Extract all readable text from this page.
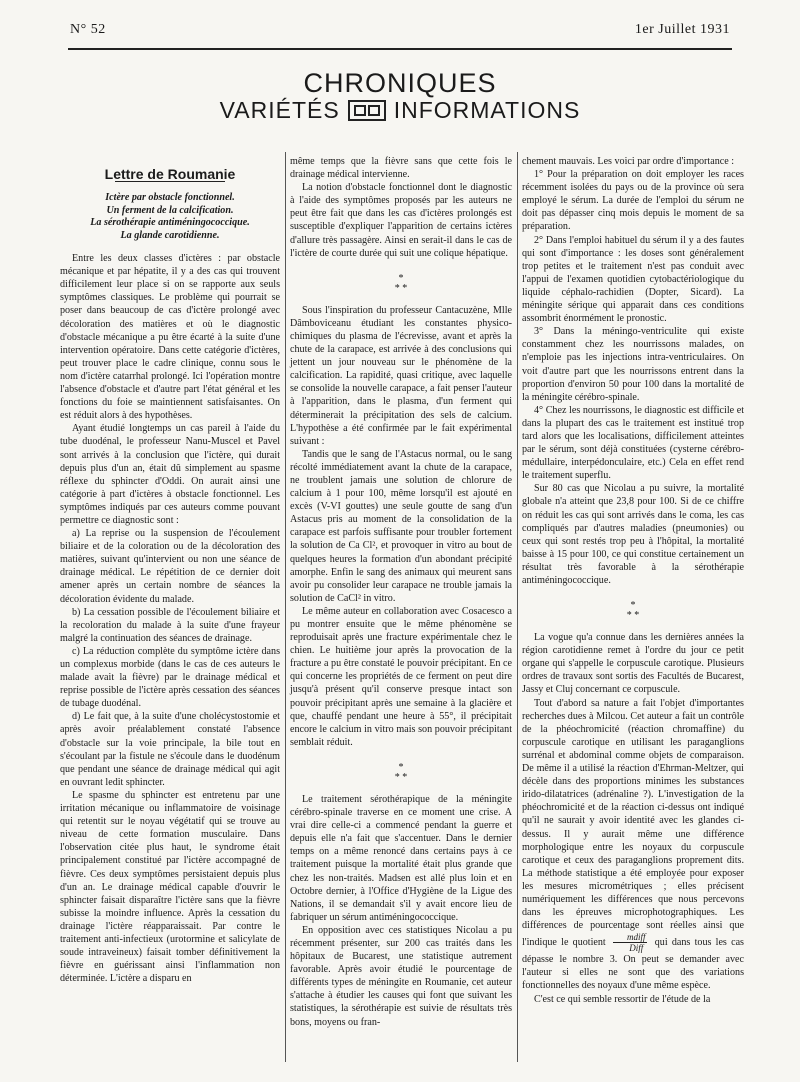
N° 52	1er Juillet 1931
CHRONIQUES
VARIÉTÉS INFORMATIONS

Lettre de Roumanie

Ictère par obstacle fonctionnel.
Un ferment de la calcification.
La sérothérapie antiméningococcique.
La glande carotidienne.

Entre les deux classes d'ictères : par obstacle mécanique et par hépatite, il y a des cas qui trouvent difficilement leur place si on se rapporte aux seuls symptômes classiques. Le problème qui pourrait se poser dans beaucoup de cas d'ictère prolongé avec décoloration des matières et où le diagnostic d'obstacle mécanique a pu être écarté à la suite d'une intervention opératoire. Dans cette catégorie d'ictères, peut trouver place le cadre clinique, connu sous le nom d'ictère catarrhal prolongé. Ici l'opération montre l'absence d'obstacle et d'autre part l'état général et les fonctions du foie se maintiennent satisfaisantes. On est réduit alors à des hypothèses.

Ayant étudié longtemps un cas pareil à l'aide du tube duodénal, le professeur Nanu-Muscel et Pavel sont arrivés à la conclusion que l'ictère, qui durait depuis plus d'un an, était dû simplement au spasme réflexe du sphincter d'Oddi. On aurait ainsi une catégorie à part d'ictères à obstacle fonctionnel. Les symptômes indiqués par ces auteurs comme pouvant permettre ce diagnostic sont :

a) La reprise ou la suspension de l'écoulement biliaire et de la coloration ou de la décoloration des matières, suivant qu'intervient ou non une séance de drainage médical. Le répétition de ce dernier doit amener après un certain nombre de séances la décoloration évidente du malade.

b) La cessation possible de l'écoulement biliaire et la recoloration du malade à la suite d'une frayeur malgré la continuation des séances de drainage.

c) La réduction complète du symptôme ictère dans un complexus morbide (dans le cas de ces auteurs le malade avait la fièvre) par le drainage médical et reprise possible de l'ictère après cessation des séances de tubage duodénal.

d) Le fait que, à la suite d'une cholécystostomie et après avoir préalablement constaté l'absence d'obstacle sur la voie principale, la bile tout en s'écoulant par la fistule ne s'écoule dans le duodénum que pendant une séance de drainage médical qui agit en ouvrant ledit sphincter.

Le spasme du sphincter est entretenu par une irritation mécanique ou inflammatoire de voisinage qui retentit sur le noyau végétatif qui se trouve au niveau de cette formation musculaire. Dans l'observation citée plus haut, le syndrome était principalement constitué par l'ictère accompagné de fièvre. Ces deux symptômes persistaient depuis plus d'un an. Le drainage médical capable d'ouvrir le sphincter faisait disparaître l'ictère sans que la fièvre subisse la moindre influence. Après la cessation du drainage l'ictère réapparaissait. Par contre le traitement anti-infectieux (urotormine et salicylate de soude intraveineux) faisait tomber définitivement la fièvre en guérissant ainsi l'inflammation non déterminée. L'ictère a disparu en

même temps que la fièvre sans que cette fois le drainage médical intervienne.

La notion d'obstacle fonctionnel dont le diagnostic à l'aide des symptômes proposés par les auteurs ne peut être fait que dans les cas d'ictères prolongés est susceptible d'expliquer l'apparition de certains ictères d'allure très passagère. Ainsi en serait-il dans le cas de l'ictère de courte durée qui suit une colique hépatique.

*
* *

Sous l'inspiration du professeur Cantacuzène, Mlle Dâmboviceanu étudiant les constantes physico-chimiques du plasma de l'écrevisse, avant et après la chute de la carapace, est arrivée à des conclusions qui jettent un jour nouveau sur le phénomène de la calcification. La rapidité, quasi critique, avec laquelle se consolide la nouvelle carapace, a fait penser l'auteur à l'apparition, dans le plasma, d'un ferment qui déterminerait la précipitation des sels de calcium. L'hypothèse a été confirmée par le fait expérimental suivant :

Tandis que le sang de l'Astacus normal, ou le sang récolté immédiatement avant la chute de la carapace, ne troublent jamais une solution de chlorure de calcium à 1 pour 100, même lorsqu'il est ajouté en excès (V-VI gouttes) une seule goutte de sang d'un Astacus pris au moment de la consolidation de la carapace est parfois suffisante pour troubler fortement la solution de Ca Cl², et provoquer in vitro au bout de quelques heures la formation d'un abondant précipité amorphe. Enfin le sang des animaux qui meurent sans avoir pu consolider leur carapace ne trouble jamais la solution de CaCl² in vitro.

Le même auteur en collaboration avec Cosacesco a pu montrer ensuite que le même phénomène se reproduisait après une fracture expérimentale chez le chien. Le huitième jour après la provocation de la fracture a pu être constaté le pouvoir précipitant. En ce qui concerne les propriétés de ce ferment on peut dire jusqu'à présent qu'il conserve presque intact son pouvoir précipitant après une semaine à la glacière et que, chauffé pendant une heure à 55°, il précipitait encore le calcium in vitro mais son pouvoir précipitant semblait réduit.

*
* *

Le traitement sérothérapique de la méningite cérébro-spinale traverse en ce moment une crise. A vrai dire celle-ci a commencé pendant la guerre et depuis elle n'a fait que s'accentuer. Dans le dernier temps on a même renoncé dans certains pays à ce traitement puisque la mortalité était plus grande que chez les non-traités. Madsen est allé plus loin et en Octobre dernier, à l'Office d'Hygiène de la Ligue des Nations, il se demandait s'il y avait encore lieu de fabriquer un sérum antiméningococcique.

En opposition avec ces statistiques Nicolau a pu récemment présenter, sur 200 cas traités dans les hôpitaux de Bucarest, une statistique autrement favorable. Après avoir étudié le pourcentage de différents types de méningite en Roumanie, cet auteur s'attache à étudier les causes qui font que suivant les statistiques, la sérothérapie est suivie de résultats très bons, moyens ou fran-

chement mauvais. Les voici par ordre d'importance :

1° Pour la préparation on doit employer les races récemment isolées du pays ou de la province où sera employé le sérum. La durée de l'emploi du sérum ne doit pas dépasser cinq mois depuis le moment de sa préparation.

2° Dans l'emploi habituel du sérum il y a des fautes qui sont d'importance : les doses sont généralement trop petites et le traitement n'est pas conduit avec l'appui de l'examen quotidien cytobactériologique du liquide céphalo-rachidien (Dopter, Sicard). La méningite sérique qui apparait dans ces conditions assombrit énormément le pronostic.

3° Dans la méningo-ventriculite qui existe constamment chez les nourrissons malades, on n'emploie pas les injections intra-ventriculaires. On voit d'autre part que les nourrissons entrent dans la proportion d'environ 50 pour 100 dans la mortalité de la méningite cérébro-spinale.

4° Chez les nourrissons, le diagnostic est difficile et dans la plupart des cas le traitement est institué trop tard alors que les localisations, difficilement atteintes par le sérum, sont déjà constituées (cysterne cérébro-médullaire, interpédonculaire, etc.) Cela en effet rend le traitement superflu.

Sur 80 cas que Nicolau a pu suivre, la mortalité globale n'a atteint que 23,8 pour 100. Si de ce chiffre on réduit les cas qui sont arrivés dans le coma, les cas compliqués par d'autres maladies (pneumonies) ou ceux qui sont restés trop peu à l'hôpital, la mortalité baisse à 15 pour 100, ce qui constitue certainement un résultat très favorable à la sérothérapie antiméningococcique.

*
* *

La vogue qu'a connue dans les dernières années la région carotidienne remet à l'ordre du jour ce petit organe qui s'appelle le corpuscule carotique. Plusieurs ordres de travaux sont sortis des Facultés de Bucarest, Jassy et Cluj concernant ce corpuscule.

Tout d'abord sa nature a fait l'objet d'importantes recherches dues à Milcou. Cet auteur a fait un contrôle de la phéochromicité (réaction chromaffine) du corpuscule carotique en utilisant les paraganglions surrénal et abdominal comme objets de comparaison. De même il a utilisé la réaction d'Ehrman-Meltzer, qui décèle dans des proportions minimes les substances irido-dilatatrices (adrénaline ?). L'investigation de la phéochromicité et de la réaction ci-dessus ont indiqué qu'il ne saurait y avoir identité avec les glandes ci-dessus. Il y aurait même une différence morphologique entre les noyaux du corpuscule carotique et ceux des paraganglions proprement dits. La méthode statistique a été employée pour exposer les mesures micrométriques ; elles précisent numériquement les différences que nous percevons dans les épreuves microphotographiques. Les différences de pourcentage sont réelles ainsi que l'indique le quotient $\frac{\text{mdiff}}{\text{Diff}}$ qui dans tous les cas dépasse le nombre 3. On peut se demander avec l'auteur si elles ne sont que des variations fonctionnelles des noyaux d'une même espèce.

C'est ce qui semble ressortir de l'étude de la
